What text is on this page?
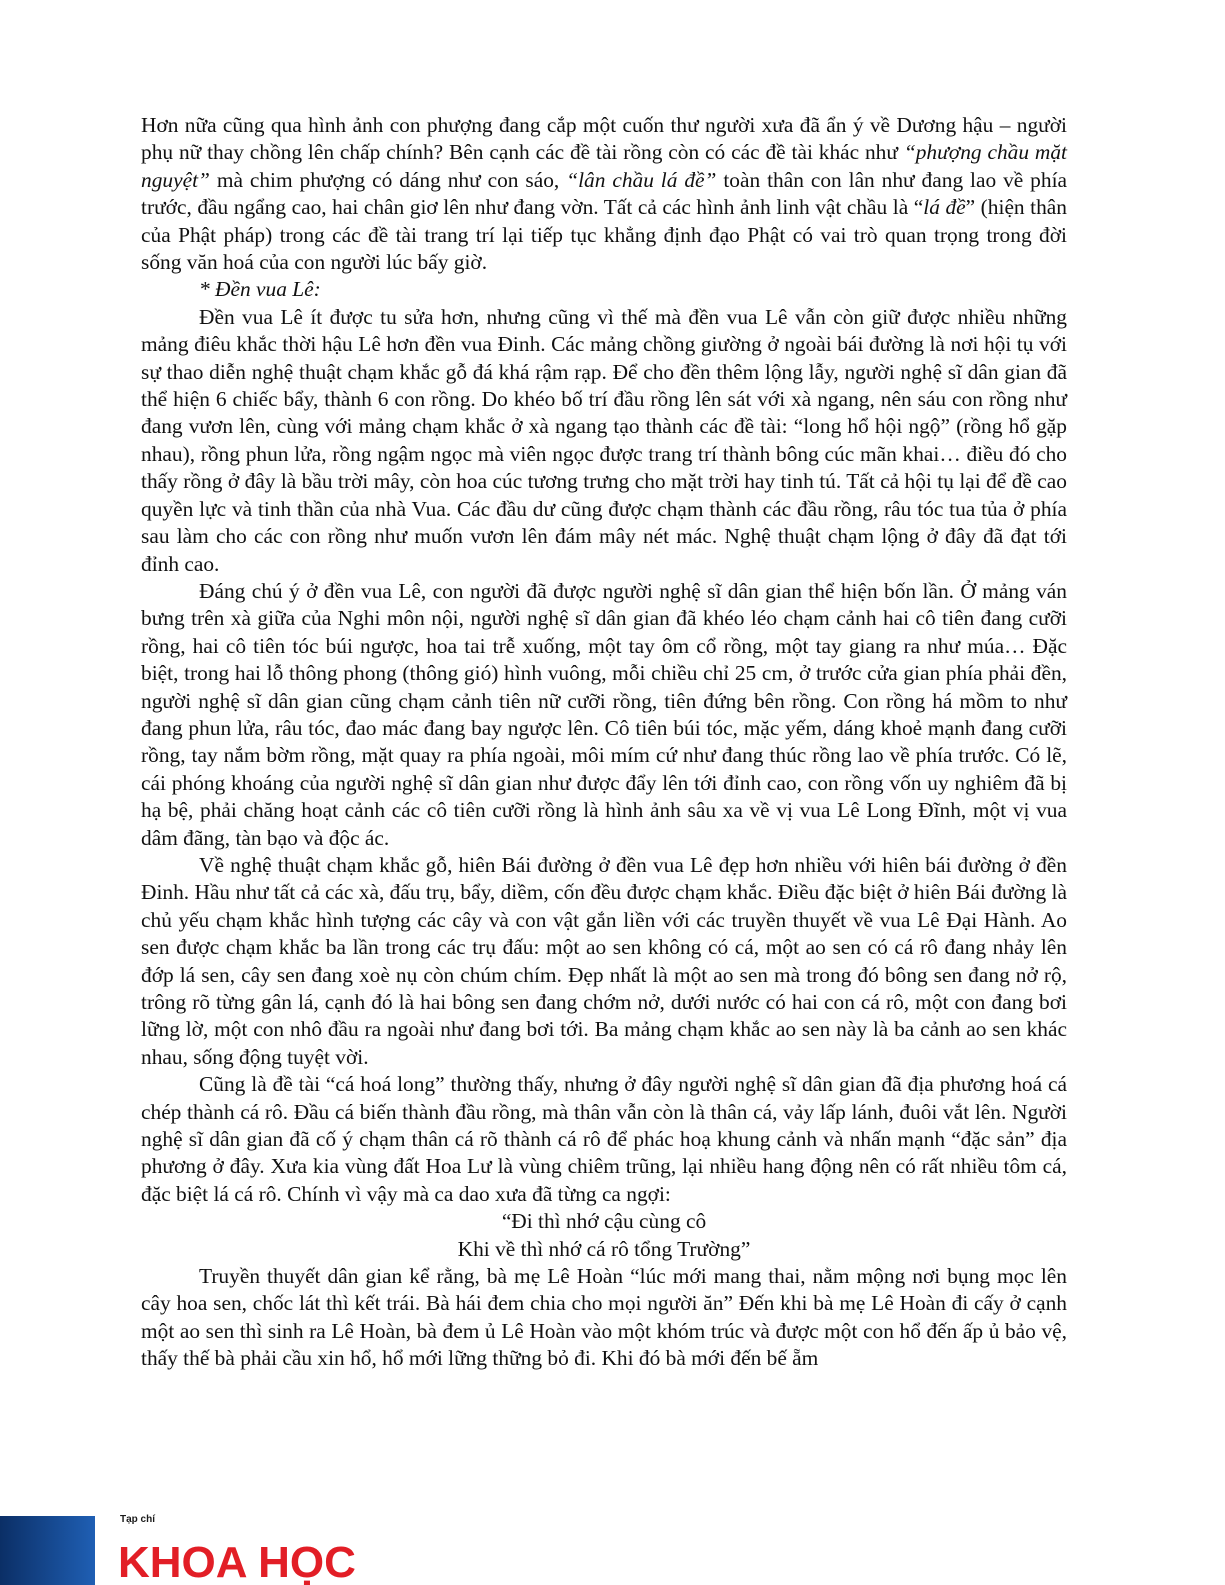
Hơn nữa cũng qua hình ảnh con phượng đang cắp một cuốn thư người xưa đã ẩn ý về Dương hậu – người phụ nữ thay chồng lên chấp chính? Bên cạnh các đề tài rồng còn có các đề tài khác như “phượng chầu mặt nguyệt” mà chim phượng có dáng như con sáo, “lân chầu lá đề” toàn thân con lân như đang lao về phía trước, đầu ngẩng cao, hai chân giơ lên như đang vờn. Tất cả các hình ảnh linh vật chầu là “lá đề” (hiện thân của Phật pháp) trong các đề tài trang trí lại tiếp tục khẳng định đạo Phật có vai trò quan trọng trong đời sống văn hoá của con người lúc bấy giờ.

* Đền vua Lê:

Đền vua Lê ít được tu sửa hơn, nhưng cũng vì thế mà đền vua Lê vẫn còn giữ được nhiều những mảng điêu khắc thời hậu Lê hơn đền vua Đinh. Các mảng chồng giường ở ngoài bái đường là nơi hội tụ với sự thao diễn nghệ thuật chạm khắc gỗ đá khá rậm rạp. Để cho đền thêm lộng lẫy, người nghệ sĩ dân gian đã thể hiện 6 chiếc bẩy, thành 6 con rồng. Do khéo bố trí đầu rồng lên sát với xà ngang, nên sáu con rồng như đang vươn lên, cùng với mảng chạm khắc ở xà ngang tạo thành các đề tài: “long hổ hội ngộ” (rồng hổ gặp nhau), rồng phun lửa, rồng ngậm ngọc mà viên ngọc được trang trí thành bông cúc mãn khai… điều đó cho thấy rồng ở đây là bầu trời mây, còn hoa cúc tương trưng cho mặt trời hay tinh tú. Tất cả hội tụ lại để đề cao quyền lực và tinh thần của nhà Vua. Các đầu dư cũng được chạm thành các đầu rồng, râu tóc tua tủa ở phía sau làm cho các con rồng như muốn vươn lên đám mây nét mác. Nghệ thuật chạm lộng ở đây đã đạt tới đỉnh cao.

Đáng chú ý ở đền vua Lê, con người đã được người nghệ sĩ dân gian thể hiện bốn lần. Ở mảng ván bưng trên xà giữa của Nghi môn nội, người nghệ sĩ dân gian đã khéo léo chạm cảnh hai cô tiên đang cưỡi rồng, hai cô tiên tóc búi ngược, hoa tai trễ xuống, một tay ôm cổ rồng, một tay giang ra như múa… Đặc biệt, trong hai lỗ thông phong (thông gió) hình vuông, mỗi chiều chỉ 25 cm, ở trước cửa gian phía phải đền, người nghệ sĩ dân gian cũng chạm cảnh tiên nữ cưỡi rồng, tiên đứng bên rồng. Con rồng há mồm to như đang phun lửa, râu tóc, đao mác đang bay ngược lên. Cô tiên búi tóc, mặc yếm, dáng khoẻ mạnh đang cưỡi rồng, tay nắm bờm rồng, mặt quay ra phía ngoài, môi mím cứ như đang thúc rồng lao về phía trước. Có lẽ, cái phóng khoáng của người nghệ sĩ dân gian như được đẩy lên tới đỉnh cao, con rồng vốn uy nghiêm đã bị hạ bệ, phải chăng hoạt cảnh các cô tiên cưỡi rồng là hình ảnh sâu xa về vị vua Lê Long Đĩnh, một vị vua dâm đãng, tàn bạo và độc ác.

Về nghệ thuật chạm khắc gỗ, hiên Bái đường ở đền vua Lê đẹp hơn nhiều với hiên bái đường ở đền Đinh. Hầu như tất cả các xà, đấu trụ, bẩy, diềm, cốn đều được chạm khắc. Điều đặc biệt ở hiên Bái đường là chủ yếu chạm khắc hình tượng các cây và con vật gắn liền với các truyền thuyết về vua Lê Đại Hành. Ao sen được chạm khắc ba lần trong các trụ đấu: một ao sen không có cá, một ao sen có cá rô đang nhảy lên đớp lá sen, cây sen đang xoè nụ còn chúm chím. Đẹp nhất là một ao sen mà trong đó bông sen đang nở rộ, trông rõ từng gân lá, cạnh đó là hai bông sen đang chớm nở, dưới nước có hai con cá rô, một con đang bơi lững lờ, một con nhô đầu ra ngoài như đang bơi tới. Ba mảng chạm khắc ao sen này là ba cảnh ao sen khác nhau, sống động tuyệt vời.

Cũng là đề tài “cá hoá long” thường thấy, nhưng ở đây người nghệ sĩ dân gian đã địa phương hoá cá chép thành cá rô. Đầu cá biến thành đầu rồng, mà thân vẫn còn là thân cá, vảy lấp lánh, đuôi vắt lên. Người nghệ sĩ dân gian đã cố ý chạm thân cá rõ thành cá rô để phác hoạ khung cảnh và nhấn mạnh “đặc sản” địa phương ở đây. Xưa kia vùng đất Hoa Lư là vùng chiêm trũng, lại nhiều hang động nên có rất nhiều tôm cá, đặc biệt lá cá rô. Chính vì vậy mà ca dao xưa đã từng ca ngợi:

“Đi thì nhớ cậu cùng cô

Khi về thì nhớ cá rô tổng Trường”

Truyền thuyết dân gian kể rằng, bà mẹ Lê Hoàn “lúc mới mang thai, nằm mộng nơi bụng mọc lên cây hoa sen, chốc lát thì kết trái. Bà hái đem chia cho mọi người ăn” Đến khi bà mẹ Lê Hoàn đi cấy ở cạnh một ao sen thì sinh ra Lê Hoàn, bà đem ủ Lê Hoàn vào một khóm trúc và được một con hổ đến ấp ủ bảo vệ, thấy thế bà phải cầu xin hổ, hổ mới lững thững bỏ đi. Khi đó bà mới đến bế ẵm

Tạp chí
KHOA HỌC
